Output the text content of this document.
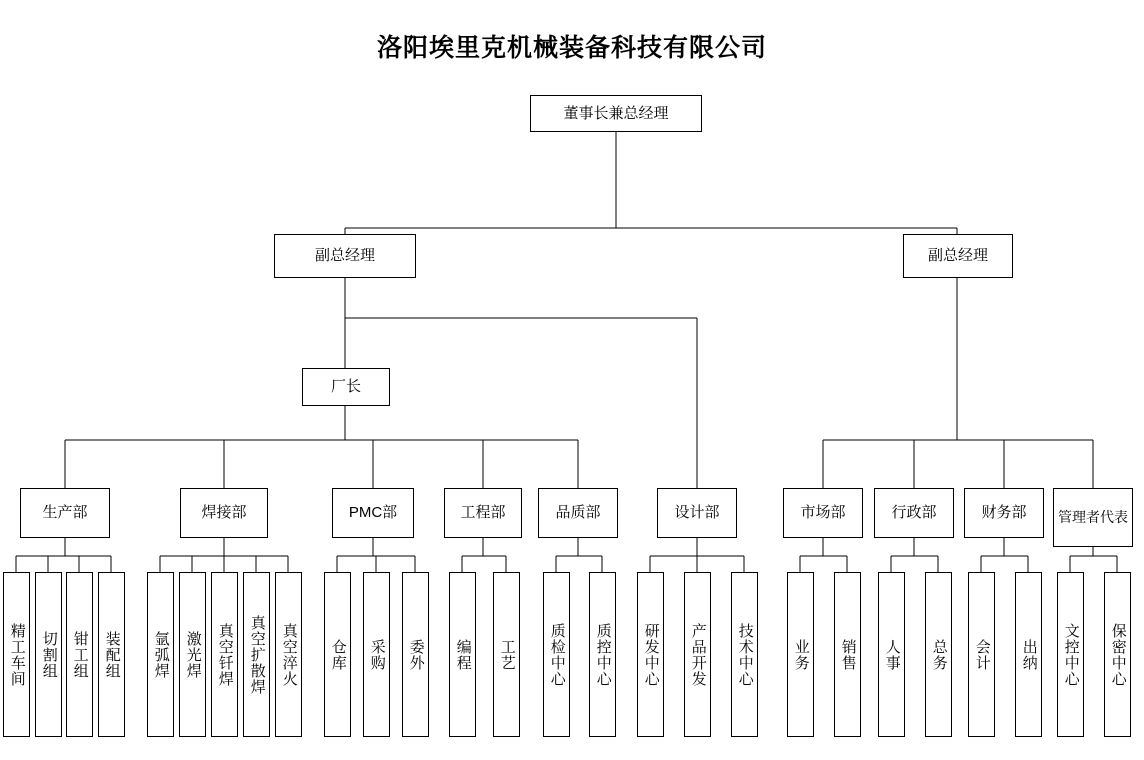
洛阳埃里克机械装备科技有限公司
董事长兼总经理
副总经理	副总经理
厂长
生产部	焊接部	PMC部	工程部	品质部	设计部	市场部	行政部	财务部 管理者代表
精工车间 切割组 钳工组 装配组 氩弧焊 激光焊 真空钎焊 真空扩散焊 真空淬火 仓库 采购 委外 编程 工艺 质检中心 质控中心 研发中心 产品开发 技术中心	业务 销售 人事 总务 会计 出纳 文控中心 保密中心
